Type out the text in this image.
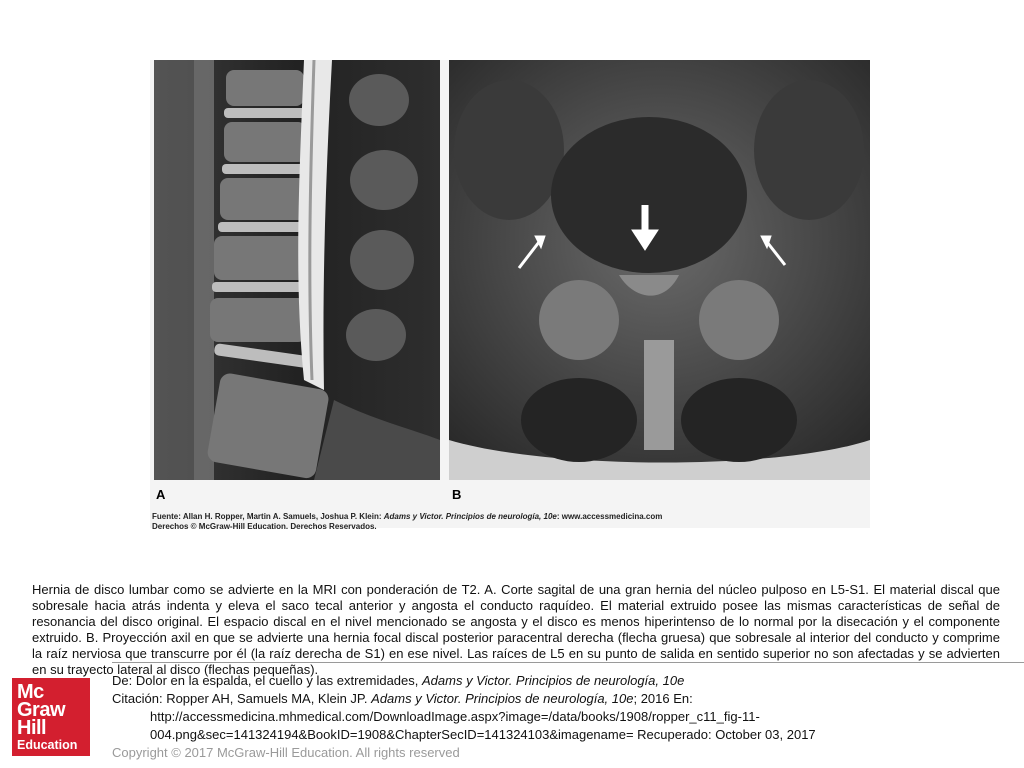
A	B
Fuente: Allan H. Ropper, Martin A. Samuels, Joshua P. Klein: Adams y Victor. Principios de neurología, 10e: www.accessmedicina.com
Derechos © McGraw-Hill Education. Derechos Reservados.
Hernia de disco lumbar como se advierte en la MRI con ponderación de T2. A. Corte sagital de una gran hernia del núcleo pulposo en L5-S1. El material discal que sobresale hacia atrás indenta y eleva el saco tecal anterior y angosta el conducto raquídeo. El material extruido posee las mismas características de señal de resonancia del disco original. El espacio discal en el nivel mencionado se angosta y el disco es menos hiperintenso de lo normal por la disecación y el componente extruido. B. Proyección axil en que se advierte una hernia focal discal posterior paracentral derecha (flecha gruesa) que sobresale al interior del conducto y comprime la raíz nerviosa que transcurre por él (la raíz derecha de S1) en ese nivel. Las raíces de L5 en su punto de salida en sentido superior no son afectadas y se advierten en su trayecto lateral al disco (flechas pequeñas).
Mc
Graw
Hill
Education
De: Dolor en la espalda, el cuello y las extremidades, Adams y Victor. Principios de neurología, 10e
Citación: Ropper AH, Samuels MA, Klein JP. Adams y Victor. Principios de neurología, 10e; 2016 En:
http://accessmedicina.mhmedical.com/DownloadImage.aspx?image=/data/books/1908/ropper_c11_fig-11-
004.png&sec=141324194&BookID=1908&ChapterSecID=141324103&imagename= Recuperado: October 03, 2017
Copyright © 2017 McGraw-Hill Education. All rights reserved
